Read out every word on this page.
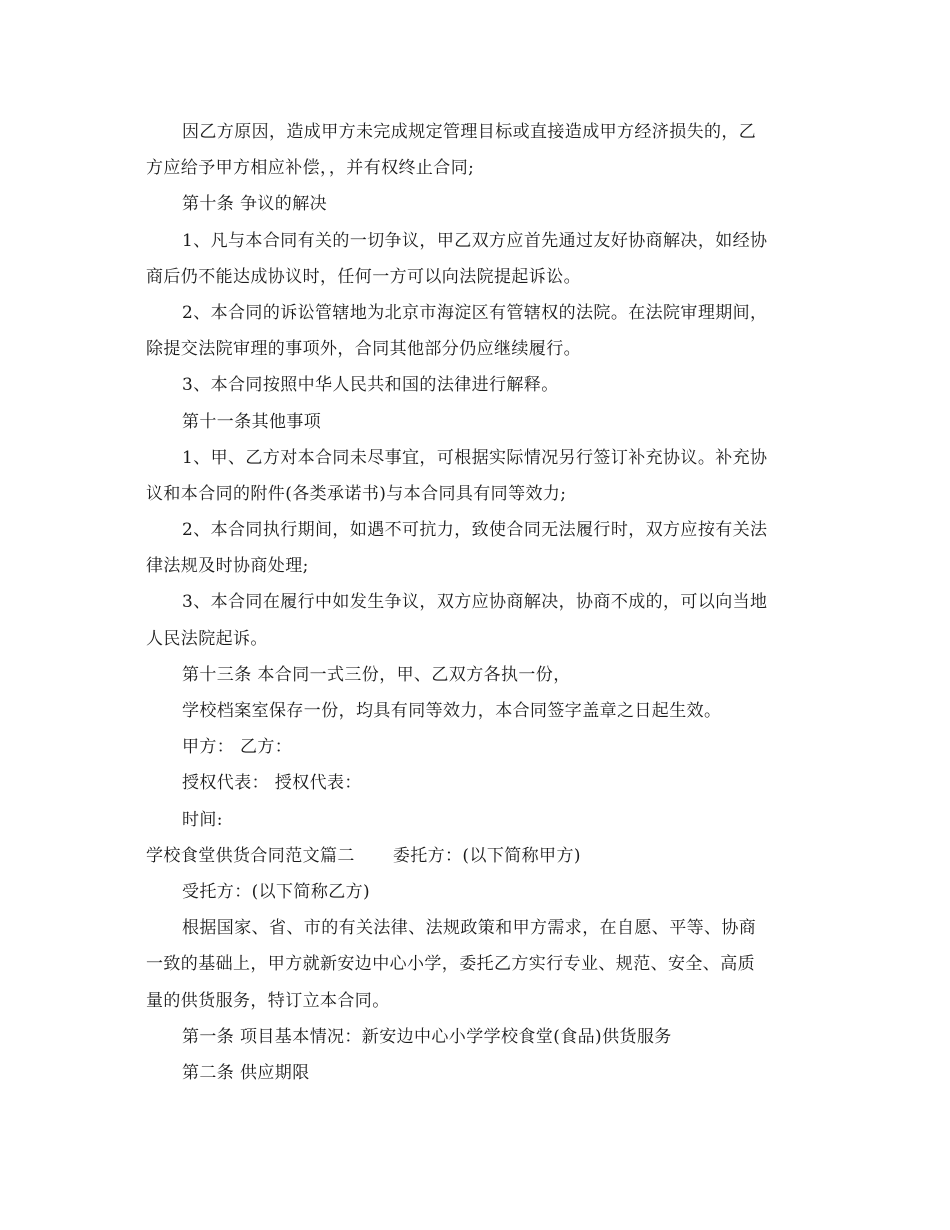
因乙方原因，造成甲方未完成规定管理目标或直接造成甲方经济损失的，乙
方应给予甲方相应补偿，，并有权终止合同;
第十条 争议的解决
1、凡与本合同有关的一切争议，甲乙双方应首先通过友好协商解决，如经协
商后仍不能达成协议时，任何一方可以向法院提起诉讼。
2、本合同的诉讼管辖地为北京市海淀区有管辖权的法院。在法院审理期间，
除提交法院审理的事项外，合同其他部分仍应继续履行。
3、本合同按照中华人民共和国的法律进行解释。
第十一条其他事项
1、甲、乙方对本合同未尽事宜，可根据实际情况另行签订补充协议。补充协
议和本合同的附件(各类承诺书)与本合同具有同等效力;
2、本合同执行期间，如遇不可抗力，致使合同无法履行时，双方应按有关法
律法规及时协商处理;
3、本合同在履行中如发生争议，双方应协商解决，协商不成的，可以向当地
人民法院起诉。
第十三条 本合同一式三份，甲、乙双方各执一份，
学校档案室保存一份，均具有同等效力，本合同签字盖章之日起生效。
甲方： 乙方：
授权代表： 授权代表：
时间:
学校食堂供货合同范文篇二 委托方：(以下简称甲方)
受托方：(以下简称乙方)
根据国家、省、市的有关法律、法规政策和甲方需求，在自愿、平等、协商
一致的基础上，甲方就新安边中心小学，委托乙方实行专业、规范、安全、高质
量的供货服务，特订立本合同。
第一条 项目基本情况：新安边中心小学学校食堂(食品)供货服务
第二条 供应期限
